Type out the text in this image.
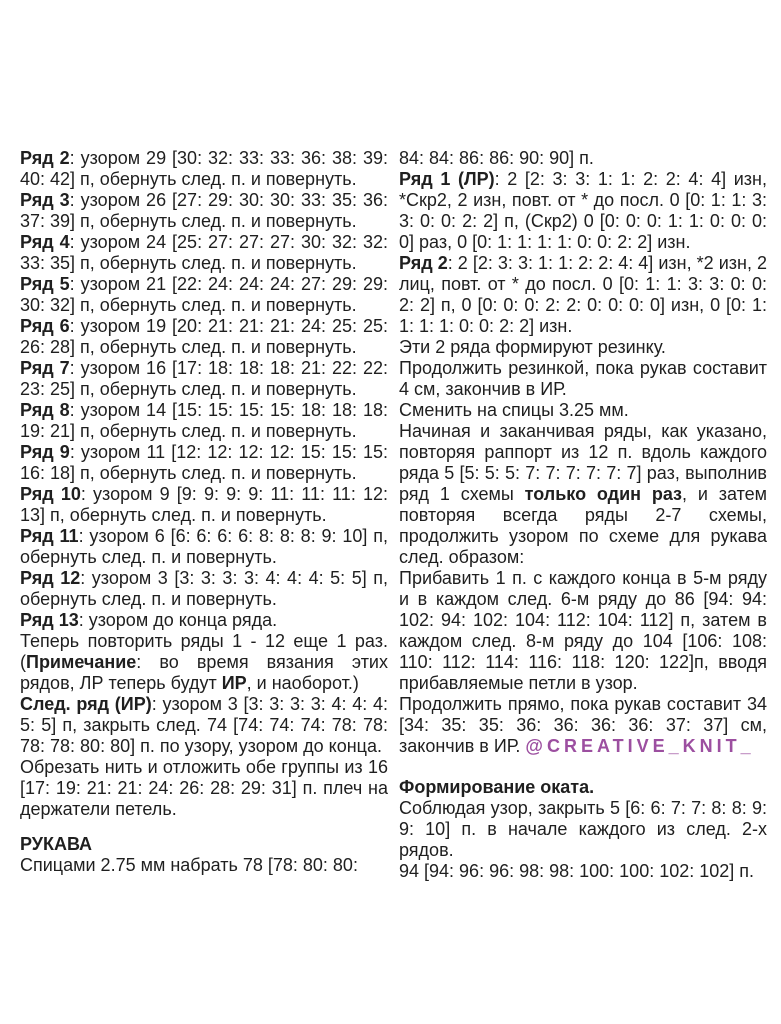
Ряд 2: узором 29 [30: 32: 33: 33: 36: 38: 39: 40: 42] п, обернуть след. п. и повернуть.

Ряд 3: узором 26 [27: 29: 30: 30: 33: 35: 36: 37: 39] п, обернуть след. п. и повернуть.

Ряд 4: узором 24 [25: 27: 27: 27: 30: 32: 32: 33: 35] п, обернуть след. п. и повернуть.

Ряд 5: узором 21 [22: 24: 24: 24: 27: 29: 29: 30: 32] п, обернуть след. п. и повернуть.

Ряд 6: узором 19 [20: 21: 21: 21: 24: 25: 25: 26: 28] п, обернуть след. п. и повернуть.

Ряд 7: узором 16 [17: 18: 18: 18: 21: 22: 22: 23: 25] п, обернуть след. п. и повернуть.

Ряд 8: узором 14 [15: 15: 15: 15: 18: 18: 18: 19: 21] п, обернуть след. п. и повернуть.

Ряд 9: узором 11 [12: 12: 12: 12: 15: 15: 15: 16: 18] п, обернуть след. п. и повернуть.

Ряд 10: узором 9 [9: 9: 9: 9: 11: 11: 11: 12: 13] п, обернуть след. п. и повернуть.

Ряд 11: узором 6 [6: 6: 6: 6: 8: 8: 8: 9: 10] п, обернуть след. п. и повернуть.

Ряд 12: узором 3 [3: 3: 3: 3: 4: 4: 4: 5: 5] п, обернуть след. п. и повернуть.

Ряд 13: узором до конца ряда.

Теперь повторить ряды 1 - 12 еще 1 раз. (Примечание: во время вязания этих рядов, ЛР теперь будут ИР, и наоборот.)

След. ряд (ИР): узором 3 [3: 3: 3: 3: 4: 4: 4: 5: 5] п, закрыть след. 74 [74: 74: 74: 78: 78: 78: 78: 80: 80] п. по узору, узором до конца.

Обрезать нить и отложить обе группы из 16 [17: 19: 21: 21: 24: 26: 28: 29: 31] п. плеч на держатели петель.

РУКАВА

Спицами 2.75 мм набрать 78 [78: 80: 80:

84: 84: 86: 86: 90: 90] п.

Ряд 1 (ЛР): 2 [2: 3: 3: 1: 1: 2: 2: 4: 4] изн, *Скр2, 2 изн, повт. от * до посл. 0 [0: 1: 1: 3: 3: 0: 0: 2: 2] п, (Скр2) 0 [0: 0: 0: 1: 1: 0: 0: 0: 0] раз, 0 [0: 1: 1: 1: 1: 0: 0: 2: 2] изн.

Ряд 2: 2 [2: 3: 3: 1: 1: 2: 2: 4: 4] изн, *2 изн, 2 лиц, повт. от * до посл. 0 [0: 1: 1: 3: 3: 0: 0: 2: 2] п, 0 [0: 0: 0: 2: 2: 0: 0: 0: 0] изн, 0 [0: 1: 1: 1: 1: 0: 0: 2: 2] изн.

Эти 2 ряда формируют резинку.

Продолжить резинкой, пока рукав составит 4 см, закончив в ИР.

Сменить на спицы 3.25 мм.

Начиная и заканчивая ряды, как указано, повторяя раппорт из 12 п. вдоль каждого ряда 5 [5: 5: 5: 7: 7: 7: 7: 7: 7] раз, выполнив ряд 1 схемы только один раз, и затем повторяя всегда ряды 2-7 схемы, продолжить узором по схеме для рукава след. образом:

Прибавить 1 п. с каждого конца в 5-м ряду и в каждом след. 6-м ряду до 86 [94: 94: 102: 94: 102: 104: 112: 104: 112] п, затем в каждом след. 8-м ряду до 104 [106: 108: 110: 112: 114: 116: 118: 120: 122]п, вводя прибавляемые петли в узор.

Продолжить прямо, пока рукав составит 34 [34: 35: 35: 36: 36: 36: 36: 37: 37] см, закончив в ИР. @CREATIVE_KNIT_

Формирование оката.

Соблюдая узор, закрыть 5 [6: 6: 7: 7: 8: 8: 9: 9: 10] п. в начале каждого из след. 2-х рядов.

94 [94: 96: 96: 98: 98: 100: 100: 102: 102] п.
